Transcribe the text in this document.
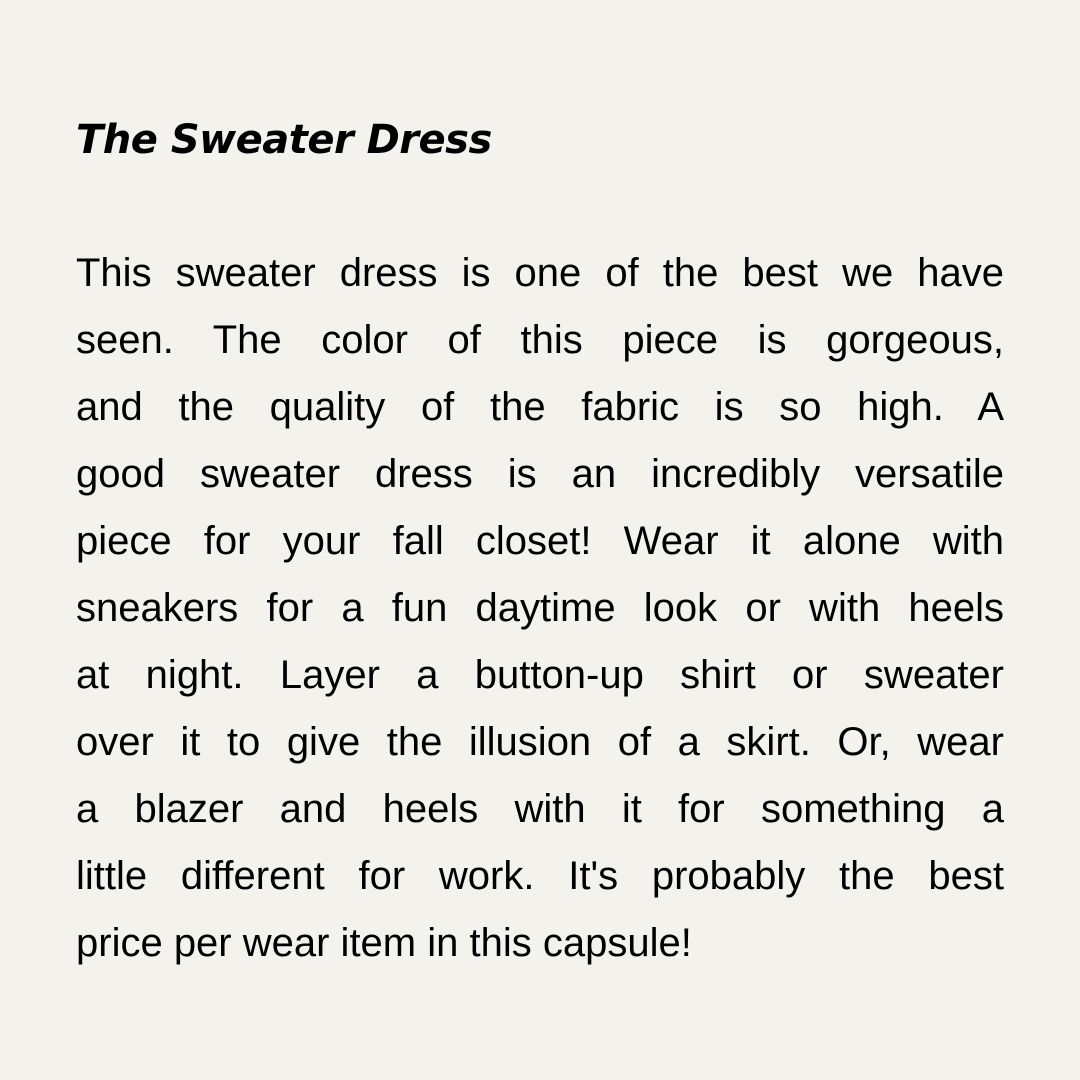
The Sweater Dress
This sweater dress is one of the best we have
seen. The color of this piece is gorgeous,
and the quality of the fabric is so high. A
good sweater dress is an incredibly versatile
piece for your fall closet! Wear it alone with
sneakers for a fun daytime look or with heels
at night. Layer a button-up shirt or sweater
over it to give the illusion of a skirt. Or, wear
a blazer and heels with it for something a
little different for work. It's probably the best
price per wear item in this capsule!
